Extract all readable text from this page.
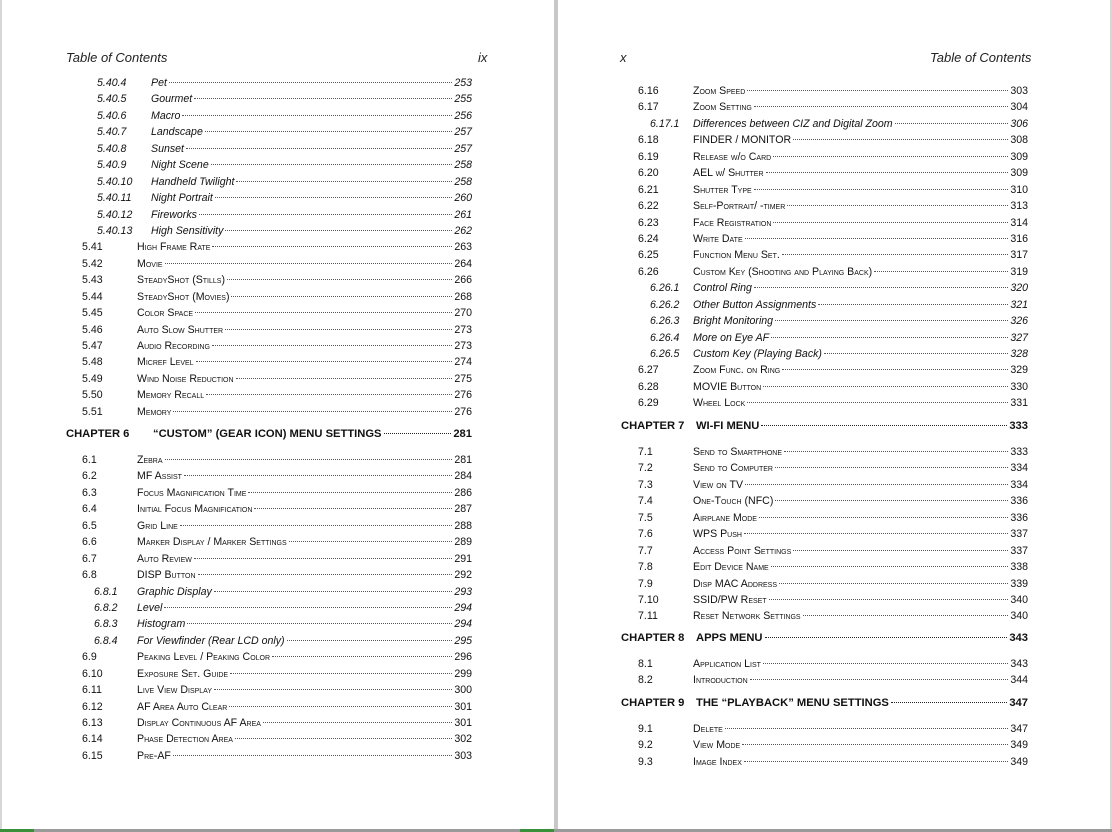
Table of Contents	ix
5.40.4	Pet	253
5.40.5	Gourmet	255
5.40.6	Macro	256
5.40.7	Landscape	257
5.40.8	Sunset	257
5.40.9	Night Scene	258
5.40.10	Handheld Twilight	258
5.40.11	Night Portrait	260
5.40.12	Fireworks	261
5.40.13	High Sensitivity	262
5.41	High Frame Rate	263
5.42	Movie	264
5.43	SteadyShot (Stills)	266
5.44	SteadyShot (Movies)	268
5.45	Color Space	270
5.46	Auto Slow Shutter	273
5.47	Audio Recording	273
5.48	Micref Level	274
5.49	Wind Noise Reduction	275
5.50	Memory Recall	276
5.51	Memory	276
CHAPTER 6	“CUSTOM” (GEAR ICON) MENU SETTINGS	281
6.1	Zebra	281
6.2	MF Assist	284
6.3	Focus Magnification Time	286
6.4	Initial Focus Magnification	287
6.5	Grid Line	288
6.6	Marker Display / Marker Settings	289
6.7	Auto Review	291
6.8	DISP Button	292
6.8.1	Graphic Display	293
6.8.2	Level	294
6.8.3	Histogram	294
6.8.4	For Viewfinder (Rear LCD only)	295
6.9	Peaking Level / Peaking Color	296
6.10	Exposure Set. Guide	299
6.11	Live View Display	300
6.12	AF Area Auto Clear	301
6.13	Display Continuous AF Area	301
6.14	Phase Detection Area	302
6.15	Pre-AF	303
x	Table of Contents
6.16	Zoom Speed	303
6.17	Zoom Setting	304
6.17.1	Differences between CIZ and Digital Zoom	306
6.18	FINDER / MONITOR	308
6.19	Release w/o Card	309
6.20	AEL w/ Shutter	309
6.21	Shutter Type	310
6.22	Self-Portrait/ -timer	313
6.23	Face Registration	314
6.24	Write Date	316
6.25	Function Menu Set.	317
6.26	Custom Key (Shooting and Playing Back)	319
6.26.1	Control Ring	320
6.26.2	Other Button Assignments	321
6.26.3	Bright Monitoring	326
6.26.4	More on Eye AF	327
6.26.5	Custom Key (Playing Back)	328
6.27	Zoom Func. on Ring	329
6.28	MOVIE Button	330
6.29	Wheel Lock	331
CHAPTER 7	WI-FI MENU	333
7.1	Send to Smartphone	333
7.2	Send to Computer	334
7.3	View on TV	334
7.4	One-Touch (NFC)	336
7.5	Airplane Mode	336
7.6	WPS Push	337
7.7	Access Point Settings	337
7.8	Edit Device Name	338
7.9	Disp MAC Address	339
7.10	SSID/PW Reset	340
7.11	Reset Network Settings	340
CHAPTER 8	APPS MENU	343
8.1	Application List	343
8.2	Introduction	344
CHAPTER 9	THE “PLAYBACK” MENU SETTINGS	347
9.1	Delete	347
9.2	View Mode	349
9.3	Image Index	349
